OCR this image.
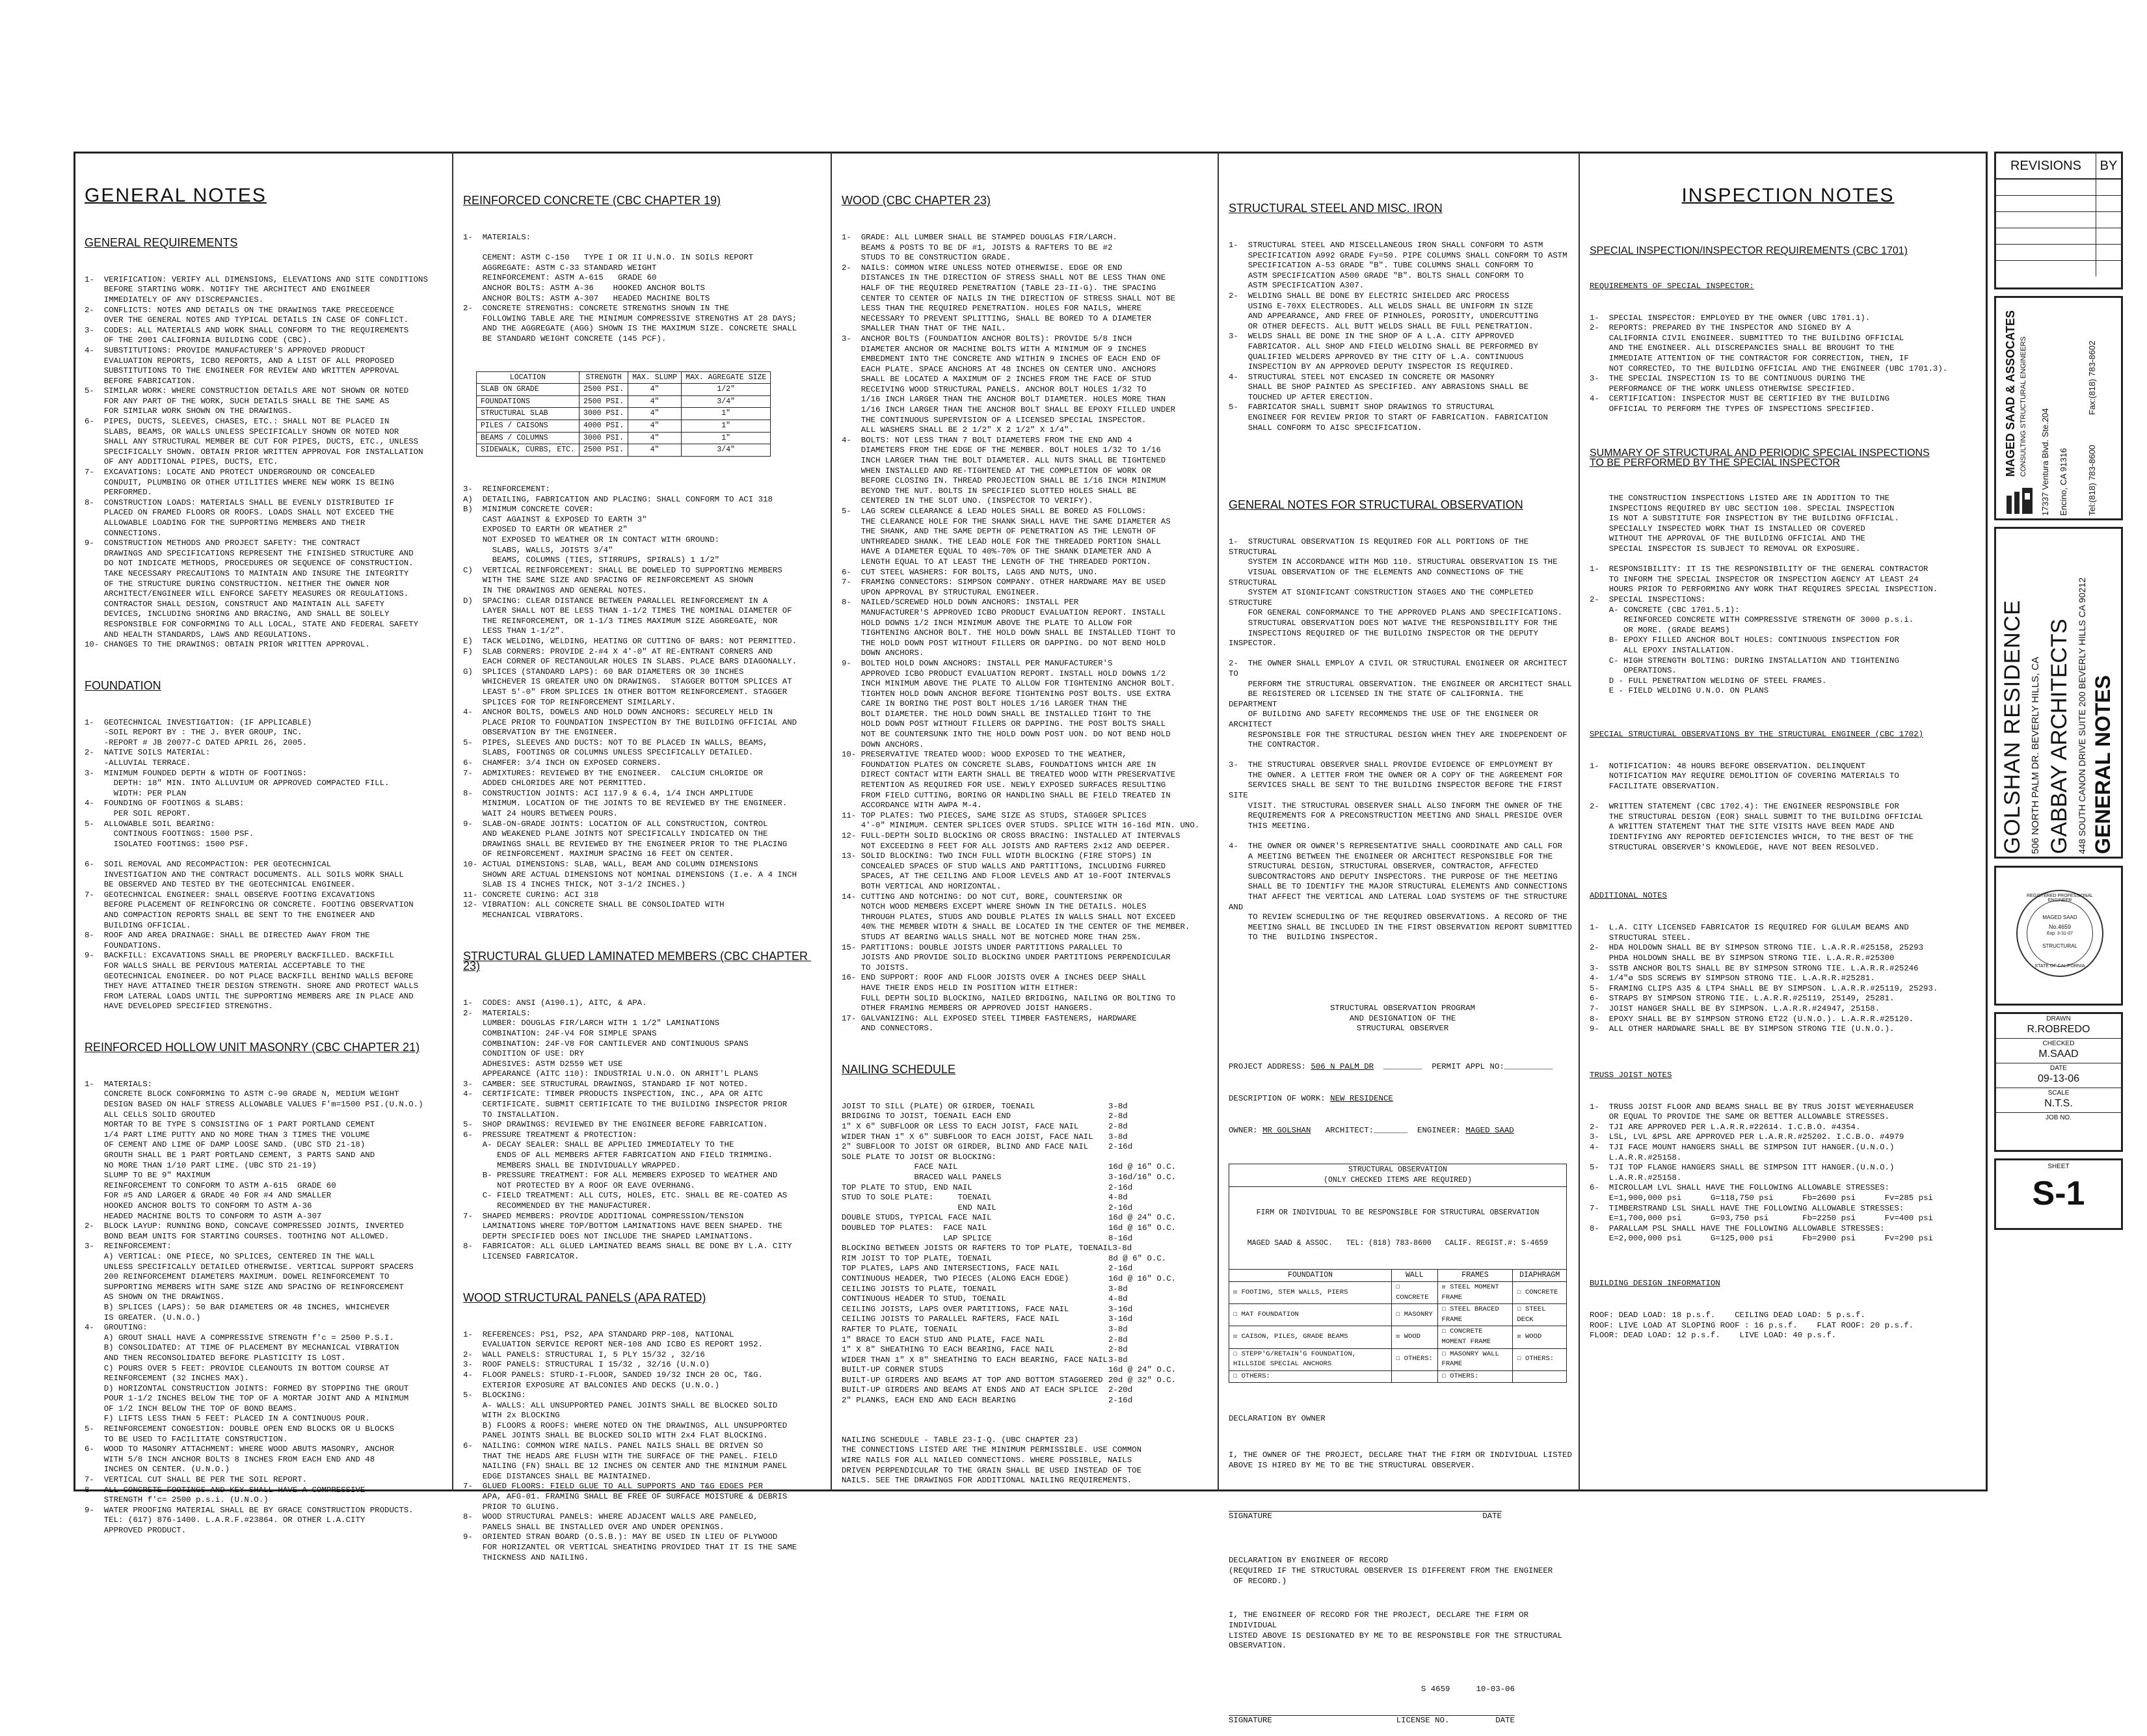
GENERAL NOTES

GENERAL REQUIREMENTS

1-  VERIFICATION: VERIFY ALL DIMENSIONS, ELEVATIONS AND SITE CONDITIONS
BEFORE STARTING WORK. NOTIFY THE ARCHITECT AND ENGINEER
IMMEDIATELY OF ANY DISCREPANCIES.
2-  CONFLICTS: NOTES AND DETAILS ON THE DRAWINGS TAKE PRECEDENCE
OVER THE GENERAL NOTES AND TYPICAL DETAILS IN CASE OF CONFLICT.
3-  CODES: ALL MATERIALS AND WORK SHALL CONFORM TO THE REQUIREMENTS
OF THE 2001 CALIFORNIA BUILDING CODE (CBC).
4-  SUBSTITUTIONS: PROVIDE MANUFACTURER'S APPROVED PRODUCT
EVALUATION REPORTS, ICBO REPORTS, AND A LIST OF ALL PROPOSED
SUBSTITUTIONS TO THE ENGINEER FOR REVIEW AND WRITTEN APPROVAL
BEFORE FABRICATION.
5-  SIMILAR WORK: WHERE CONSTRUCTION DETAILS ARE NOT SHOWN OR NOTED
FOR ANY PART OF THE WORK, SUCH DETAILS SHALL BE THE SAME AS
FOR SIMILAR WORK SHOWN ON THE DRAWINGS.
6-  PIPES, DUCTS, SLEEVES, CHASES, ETC.: SHALL NOT BE PLACED IN
SLABS, BEAMS, OR WALLS UNLESS SPECIFICALLY SHOWN OR NOTED NOR
SHALL ANY STRUCTURAL MEMBER BE CUT FOR PIPES, DUCTS, ETC., UNLESS
SPECIFICALLY SHOWN. OBTAIN PRIOR WRITTEN APPROVAL FOR INSTALLATION
OF ANY ADDITIONAL PIPES, DUCTS, ETC.
7-  EXCAVATIONS: LOCATE AND PROTECT UNDERGROUND OR CONCEALED
CONDUIT, PLUMBING OR OTHER UTILITIES WHERE NEW WORK IS BEING
PERFORMED.
8-  CONSTRUCTION LOADS: MATERIALS SHALL BE EVENLY DISTRIBUTED IF
PLACED ON FRAMED FLOORS OR ROOFS. LOADS SHALL NOT EXCEED THE
ALLOWABLE LOADING FOR THE SUPPORTING MEMBERS AND THEIR
CONNECTIONS.
9-  CONSTRUCTION METHODS AND PROJECT SAFETY: THE CONTRACT
DRAWINGS AND SPECIFICATIONS REPRESENT THE FINISHED STRUCTURE AND
DO NOT INDICATE METHODS, PROCEDURES OR SEQUENCE OF CONSTRUCTION.
TAKE NECESSARY PRECAUTIONS TO MAINTAIN AND INSURE THE INTEGRITY
OF THE STRUCTURE DURING CONSTRUCTION. NEITHER THE OWNER NOR
ARCHITECT/ENGINEER WILL ENFORCE SAFETY MEASURES OR REGULATIONS.
CONTRACTOR SHALL DESIGN, CONSTRUCT AND MAINTAIN ALL SAFETY
DEVICES, INCLUDING SHORING AND BRACING, AND SHALL BE SOLELY
RESPONSIBLE FOR CONFORMING TO ALL LOCAL, STATE AND FEDERAL SAFETY
AND HEALTH STANDARDS, LAWS AND REGULATIONS.
10- CHANGES TO THE DRAWINGS: OBTAIN PRIOR WRITTEN APPROVAL.

FOUNDATION

1-  GEOTECHNICAL INVESTIGATION: (IF APPLICABLE)
-SOIL REPORT BY : THE J. BYER GROUP, INC.
-REPORT # JB 20077-C DATED APRIL 26, 2005.
2-  NATIVE SOILS MATERIAL:
-ALLUVIAL TERRACE.
3-  MINIMUM FOUNDED DEPTH & WIDTH OF FOOTINGS:
DEPTH: 18" MIN. INTO ALLUVIUM OR APPROVED COMPACTED FILL.
WIDTH: PER PLAN
4-  FOUNDING OF FOOTINGS & SLABS:
PER SOIL REPORT.
5-  ALLOWABLE SOIL BEARING:
CONTINOUS FOOTINGS: 1500 PSF.
ISOLATED FOOTINGS: 1500 PSF.

6-  SOIL REMOVAL AND RECOMPACTION: PER GEOTECHNICAL
INVESTIGATION AND THE CONTRACT DOCUMENTS. ALL SOILS WORK SHALL
BE OBSERVED AND TESTED BY THE GEOTECHNICAL ENGINEER.
7-  GEOTECHNICAL ENGINEER: SHALL OBSERVE FOOTING EXCAVATIONS
BEFORE PLACEMENT OF REINFORCING OR CONCRETE. FOOTING OBSERVATION
AND COMPACTION REPORTS SHALL BE SENT TO THE ENGINEER AND
BUILDING OFFICIAL.
8-  ROOF AND AREA DRAINAGE: SHALL BE DIRECTED AWAY FROM THE
FOUNDATIONS.
9-  BACKFILL: EXCAVATIONS SHALL BE PROPERLY BACKFILLED. BACKFILL
FOR WALLS SHALL BE PERVIOUS MATERIAL ACCEPTABLE TO THE
GEOTECHNICAL ENGINEER. DO NOT PLACE BACKFILL BEHIND WALLS BEFORE
THEY HAVE ATTAINED THEIR DESIGN STRENGTH. SHORE AND PROTECT WALLS
FROM LATERAL LOADS UNTIL THE SUPPORTING MEMBERS ARE IN PLACE AND
HAVE DEVELOPED SPECIFIED STRENGTHS.

REINFORCED HOLLOW UNIT MASONRY (CBC CHAPTER 21)

1-  MATERIALS:
CONCRETE BLOCK CONFORMING TO ASTM C-90 GRADE N, MEDIUM WEIGHT
DESIGN BASED ON HALF STRESS ALLOWABLE VALUES F'm=1500 PSI.(U.N.O.)
ALL CELLS SOLID GROUTED
MORTAR TO BE TYPE S CONSISTING OF 1 PART PORTLAND CEMENT
1/4 PART LIME PUTTY AND NO MORE THAN 3 TIMES THE VOLUME
OF CEMENT AND LIME OF DAMP LOOSE SAND. (UBC STD 21-18)
GROUTH SHALL BE 1 PART PORTLAND CEMENT, 3 PARTS SAND AND
NO MORE THAN 1/10 PART LIME. (UBC STD 21-19)
SLUMP TO BE 9" MAXIMUM
REINFORCEMENT TO CONFORM TO ASTM A-615  GRADE 60
FOR #5 AND LARGER & GRADE 40 FOR #4 AND SMALLER
HOOKED ANCHOR BOLTS TO CONFORM TO ASTM A-36
HEADED MACHINE BOLTS TO CONFORM TO ASTM A-307
2-  BLOCK LAYUP: RUNNING BOND, CONCAVE COMPRESSED JOINTS, INVERTED
BOND BEAM UNITS FOR STARTING COURSES. TOOTHING NOT ALLOWED.
3-  REINFORCEMENT:
A) VERTICAL: ONE PIECE, NO SPLICES, CENTERED IN THE WALL
UNLESS SPECIFICALLY DETAILED OTHERWISE. VERTICAL SUPPORT SPACERS
200 REINFORCEMENT DIAMETERS MAXIMUM. DOWEL REINFORCEMENT TO
SUPPORTING MEMBERS WITH SAME SIZE AND SPACING OF REINFORCEMENT
AS SHOWN ON THE DRAWINGS.
B) SPLICES (LAPS): 50 BAR DIAMETERS OR 48 INCHES, WHICHEVER
IS GREATER. (U.N.O.)
4-  GROUTING:
A) GROUT SHALL HAVE A COMPRESSIVE STRENGTH f'c = 2500 P.S.I.
B) CONSOLIDATED: AT TIME OF PLACEMENT BY MECHANICAL VIBRATION
AND THEN RECONSOLIDATED BEFORE PLASTICITY IS LOST.
C) POURS OVER 5 FEET: PROVIDE CLEANOUTS IN BOTTOM COURSE AT
REINFORCEMENT (32 INCHES MAX).
D) HORIZONTAL CONSTRUCTION JOINTS: FORMED BY STOPPING THE GROUT
POUR 1-1/2 INCHES BELOW THE TOP OF A MORTAR JOINT AND A MINIMUM
OF 1/2 INCH BELOW THE TOP OF BOND BEAMS.
F) LIFTS LESS THAN 5 FEET: PLACED IN A CONTINUOUS POUR.
5-  REINFORCEMENT CONGESTION: DOUBLE OPEN END BLOCKS OR U BLOCKS
TO BE USED TO FACILITATE CONSTRUCTION.
6-  WOOD TO MASONRY ATTACHMENT: WHERE WOOD ABUTS MASONRY, ANCHOR
WITH 5/8 INCH ANCHOR BOLTS 8 INCHES FROM EACH END AND 48
INCHES ON CENTER. (U.N.O.)
7-  VERTICAL CUT SHALL BE PER THE SOIL REPORT.
8-  ALL CONCRETE FOOTINGS AND KEY SHALL HAVE A COMPRESSIVE
STRENGTH f'c= 2500 p.s.i. (U.N.O.)
9-  WATER PROOFING MATERIAL SHALL BE BY GRACE CONSTRUCTION PRODUCTS.
TEL: (617) 876-1400. L.A.R.F.#23864. OR OTHER L.A.CITY
APPROVED PRODUCT.

REINFORCED CONCRETE (CBC CHAPTER 19)

1-  MATERIALS:

CEMENT: ASTM C-150   TYPE I OR II U.N.O. IN SOILS REPORT
AGGREGATE: ASTM C-33 STANDARD WEIGHT
REINFORCEMENT: ASTM A-615   GRADE 60
ANCHOR BOLTS: ASTM A-36    HOOKED ANCHOR BOLTS
ANCHOR BOLTS: ASTM A-307   HEADED MACHINE BOLTS
2-  CONCRETE STRENGTHS: CONCRETE STRENGTHS SHOWN IN THE
FOLLOWING TABLE ARE THE MINIMUM COMPRESSIVE STRENGTHS AT 28 DAYS;
AND THE AGGREGATE (AGG) SHOWN IS THE MAXIMUM SIZE. CONCRETE SHALL
BE STANDARD WEIGHT CONCRETE (145 PCF).

LOCATION	STRENGTH	MAX. SLUMP	MAX. AGREGATE SIZE
SLAB ON GRADE	2500 PSI.	4"	1/2"
FOUNDATIONS	2500 PSI.	4"	3/4"
STRUCTURAL SLAB	3000 PSI.	4"	1"
PILES / CAISONS	4000 PSI.	4"	1"
BEAMS / COLUMNS	3000 PSI.	4"	1"
SIDEWALK, CURBS, ETC.	2500 PSI.	4"	3/4"

3-  REINFORCEMENT:
A)  DETAILING, FABRICATION AND PLACING: SHALL CONFORM TO ACI 318
B)  MINIMUM CONCRETE COVER:
CAST AGAINST & EXPOSED TO EARTH 3"
EXPOSED TO EARTH OR WEATHER 2"
NOT EXPOSED TO WEATHER OR IN CONTACT WITH GROUND:
SLABS, WALLS, JOISTS 3/4"
BEAMS, COLUMNS (TIES, STIRRUPS, SPIRALS) 1 1/2"
C)  VERTICAL REINFORCEMENT: SHALL BE DOWELED TO SUPPORTING MEMBERS
WITH THE SAME SIZE AND SPACING OF REINFORCEMENT AS SHOWN
IN THE DRAWINGS AND GENERAL NOTES.
D)  SPACING: CLEAR DISTANCE BETWEEN PARALLEL REINFORCEMENT IN A
LAYER SHALL NOT BE LESS THAN 1-1/2 TIMES THE NOMINAL DIAMETER OF
THE REINFORCEMENT, OR 1-1/3 TIMES MAXIMUM SIZE AGGREGATE, NOR
LESS THAN 1-1/2".
E)  TACK WELDING, WELDING, HEATING OR CUTTING OF BARS: NOT PERMITTED.
F)  SLAB CORNERS: PROVIDE 2-#4 X 4'-0" AT RE-ENTRANT CORNERS AND
EACH CORNER OF RECTANGULAR HOLES IN SLABS. PLACE BARS DIAGONALLY.
G)  SPLICES (STANDARD LAPS): 60 BAR DIAMETERS OR 30 INCHES
WHICHEVER IS GREATER UNO ON DRAWINGS.  STAGGER BOTTOM SPLICES AT
LEAST 5'-0" FROM SPLICES IN OTHER BOTTOM REINFORCEMENT. STAGGER
SPLICES FOR TOP REINFORCEMENT SIMILARLY.
4-  ANCHOR BOLTS, DOWELS AND HOLD DOWN ANCHORS: SECURELY HELD IN
PLACE PRIOR TO FOUNDATION INSPECTION BY THE BUILDING OFFICIAL AND
OBSERVATION BY THE ENGINEER.
5-  PIPES, SLEEVES AND DUCTS: NOT TO BE PLACED IN WALLS, BEAMS,
SLABS, FOOTINGS OR COLUMNS UNLESS SPECIFICALLY DETAILED.
6-  CHAMFER: 3/4 INCH ON EXPOSED CORNERS.
7-  ADMIXTURES: REVIEWED BY THE ENGINEER.  CALCIUM CHLORIDE OR
ADDED CHLORIDES ARE NOT PERMITTED.
8-  CONSTRUCTION JOINTS: ACI 117.9 & 6.4, 1/4 INCH AMPLITUDE
MINIMUM. LOCATION OF THE JOINTS TO BE REVIEWED BY THE ENGINEER.
WAIT 24 HOURS BETWEEN POURS.
9-  SLAB-ON-GRADE JOINTS: LOCATION OF ALL CONSTRUCTION, CONTROL
AND WEAKENED PLANE JOINTS NOT SPECIFICALLY INDICATED ON THE
DRAWINGS SHALL BE REVIEWED BY THE ENGINEER PRIOR TO THE PLACING
OF REINFORCEMENT. MAXIMUM SPACING 16 FEET ON CENTER.
10- ACTUAL DIMENSIONS: SLAB, WALL, BEAM AND COLUMN DIMENSIONS
SHOWN ARE ACTUAL DIMENSIONS NOT NOMINAL DIMENSIONS (I.e. A 4 INCH
SLAB IS 4 INCHES THICK, NOT 3-1/2 INCHES.)
11- CONCRETE CURING: ACI 318
12- VIBRATION: ALL CONCRETE SHALL BE CONSOLIDATED WITH
MECHANICAL VIBRATORS.

STRUCTURAL GLUED LAMINATED MEMBERS (CBC CHAPTER 23)

1-  CODES: ANSI (A190.1), AITC, & APA.
2-  MATERIALS:
LUMBER: DOUGLAS FIR/LARCH WITH 1 1/2" LAMINATIONS
COMBINATION: 24F-V4 FOR SIMPLE SPANS
COMBINATION: 24F-V8 FOR CANTILEVER AND CONTINUOUS SPANS
CONDITION OF USE: DRY
ADHESIVES: ASTM D2559 WET USE
APPEARANCE (AITC 110): INDUSTRIAL U.N.O. ON ARHIT'L PLANS
3-  CAMBER: SEE STRUCTURAL DRAWINGS, STANDARD IF NOT NOTED.
4-  CERTIFICATE: TIMBER PRODUCTS INSPECTION, INC., APA OR AITC
CERTIFICATE. SUBMIT CERTIFICATE TO THE BUILDING INSPECTOR PRIOR
TO INSTALLATION.
5-  SHOP DRAWINGS: REVIEWED BY THE ENGINEER BEFORE FABRICATION.
6-  PRESSURE TREATMENT & PROTECTION:
A- DECAY SEALER: SHALL BE APPLIED IMMEDIATELY TO THE
ENDS OF ALL MEMBERS AFTER FABRICATION AND FIELD TRIMMING.
MEMBERS SHALL BE INDIVIDUALLY WRAPPED.
B- PRESSURE TREATMENT: FOR ALL MEMBERS EXPOSED TO WEATHER AND
NOT PROTECTED BY A ROOF OR EAVE OVERHANG.
C- FIELD TREATMENT: ALL CUTS, HOLES, ETC. SHALL BE RE-COATED AS
RECOMMENDED BY THE MANUFACTURER.
7-  SHAPED MEMBERS: PROVIDE ADDITIONAL COMPRESSION/TENSION
LAMINATIONS WHERE TOP/BOTTOM LAMINATIONS HAVE BEEN SHAPED. THE
DEPTH SPECIFIED DOES NOT INCLUDE THE SHAPED LAMINATIONS.
8-  FABRICATOR: ALL GLUED LAMINATED BEAMS SHALL BE DONE BY L.A. CITY
LICENSED FABRICATOR.

WOOD STRUCTURAL PANELS (APA RATED)

1-  REFERENCES: PS1, PS2, APA STANDARD PRP-108, NATIONAL
EVALUATION SERVICE REPORT NER-108 AND ICBO ES REPORT 1952.
2-  WALL PANELS: STRUCTURAL I, 5 PLY 15/32 , 32/16
3-  ROOF PANELS: STRUCTURAL I 15/32 , 32/16 (U.N.O)
4-  FLOOR PANELS: STURD-I-FLOOR, SANDED 19/32 INCH 20 OC, T&G.
EXTERIOR EXPOSURE AT BALCONIES AND DECKS (U.N.O.)
5-  BLOCKING:
A- WALLS: ALL UNSUPPORTED PANEL JOINTS SHALL BE BLOCKED SOLID
WITH 2x BLOCKING
B) FLOORS & ROOFS: WHERE NOTED ON THE DRAWINGS, ALL UNSUPPORTED
PANEL JOINTS SHALL BE BLOCKED SOLID WITH 2x4 FLAT BLOCKING.
6-  NAILING: COMMON WIRE NAILS. PANEL NAILS SHALL BE DRIVEN SO
THAT THE HEADS ARE FLUSH WITH THE SURFACE OF THE PANEL. FIELD
NAILING (FN) SHALL BE 12 INCHES ON CENTER AND THE MINIMUM PANEL
EDGE DISTANCES SHALL BE MAINTAINED.
7-  GLUED FLOORS: FIELD GLUE TO ALL SUPPORTS AND T&G EDGES PER
APA, AFG-01. FRAMING SHALL BE FREE OF SURFACE MOISTURE & DEBRIS
PRIOR TO GLUING.
8-  WOOD STRUCTURAL PANELS: WHERE ADJACENT WALLS ARE PANELED,
PANELS SHALL BE INSTALLED OVER AND UNDER OPENINGS.
9-  ORIENTED STRAN BOARD (O.S.B.): MAY BE USED IN LIEU OF PLYWOOD
FOR HORIZANTEL OR VERTICAL SHEATHING PROVIDED THAT IT IS THE SAME
THICKNESS AND NAILING.

WOOD (CBC CHAPTER 23)

1-  GRADE: ALL LUMBER SHALL BE STAMPED DOUGLAS FIR/LARCH.
BEAMS & POSTS TO BE DF #1, JOISTS & RAFTERS TO BE #2
STUDS TO BE CONSTRUCTION GRADE.
2-  NAILS: COMMON WIRE UNLESS NOTED OTHERWISE. EDGE OR END
DISTANCES IN THE DIRECTION OF STRESS SHALL NOT BE LESS THAN ONE
HALF OF THE REQUIRED PENETRATION (TABLE 23-II-G). THE SPACING
CENTER TO CENTER OF NAILS IN THE DIRECTION OF STRESS SHALL NOT BE
LESS THAN THE REQUIRED PENETRATION. HOLES FOR NAILS, WHERE
NECESSARY TO PREVENT SPLITTING, SHALL BE BORED TO A DIAMETER
SMALLER THAN THAT OF THE NAIL.
3-  ANCHOR BOLTS (FOUNDATION ANCHOR BOLTS): PROVIDE 5/8 INCH
DIAMETER ANCHOR OR MACHINE BOLTS WITH A MINIMUM OF 9 INCHES
EMBEDMENT INTO THE CONCRETE AND WITHIN 9 INCHES OF EACH END OF
EACH PLATE. SPACE ANCHORS AT 48 INCHES ON CENTER UNO. ANCHORS
SHALL BE LOCATED A MAXIMUM OF 2 INCHES FROM THE FACE OF STUD
RECEIVING WOOD STRUCTURAL PANELS. ANCHOR BOLT HOLES 1/32 TO
1/16 INCH LARGER THAN THE ANCHOR BOLT DIAMETER. HOLES MORE THAN
1/16 INCH LARGER THAN THE ANCHOR BOLT SHALL BE EPOXY FILLED UNDER
THE CONTINUOUS SUPERVISION OF A LICENSED SPECIAL INSPECTOR.
ALL WASHERS SHALL BE 2 1/2" X 2 1/2" X 1/4".
4-  BOLTS: NOT LESS THAN 7 BOLT DIAMETERS FROM THE END AND 4
DIAMETERS FROM THE EDGE OF THE MEMBER. BOLT HOLES 1/32 TO 1/16
INCH LARGER THAN THE BOLT DIAMETER. ALL NUTS SHALL BE TIGHTENED
WHEN INSTALLED AND RE-TIGHTENED AT THE COMPLETION OF WORK OR
BEFORE CLOSING IN. THREAD PROJECTION SHALL BE 1/16 INCH MINIMUM
BEYOND THE NUT. BOLTS IN SPECIFIED SLOTTED HOLES SHALL BE
CENTERED IN THE SLOT UNO. (INSPECTOR TO VERIFY).
5-  LAG SCREW CLEARANCE & LEAD HOLES SHALL BE BORED AS FOLLOWS:
THE CLEARANCE HOLE FOR THE SHANK SHALL HAVE THE SAME DIAMETER AS
THE SHANK, AND THE SAME DEPTH OF PENETRATION AS THE LENGTH OF
UNTHREADED SHANK. THE LEAD HOLE FOR THE THREADED PORTION SHALL
HAVE A DIAMETER EQUAL TO 40%-70% OF THE SHANK DIAMETER AND A
LENGTH EQUAL TO AT LEAST THE LENGTH OF THE THREADED PORTION.
6-  CUT STEEL WASHERS: FOR BOLTS, LAGS AND NUTS, UNO.
7-  FRAMING CONNECTORS: SIMPSON COMPANY. OTHER HARDWARE MAY BE USED
UPON APPROVAL BY STRUCTURAL ENGINEER.
8-  NAILED/SCREWED HOLD DOWN ANCHORS: INSTALL PER
MANUFACTURER'S APPROVED ICBO PRODUCT EVALUATION REPORT. INSTALL
HOLD DOWNS 1/2 INCH MINIMUM ABOVE THE PLATE TO ALLOW FOR
TIGHTENING ANCHOR BOLT. THE HOLD DOWN SHALL BE INSTALLED TIGHT TO
THE HOLD DOWN POST WITHOUT FILLERS OR DAPPING. DO NOT BEND HOLD
DOWN ANCHORS.
9-  BOLTED HOLD DOWN ANCHORS: INSTALL PER MANUFACTURER'S
APPROVED ICBO PRODUCT EVALUATION REPORT. INSTALL HOLD DOWNS 1/2
INCH MINIMUM ABOVE THE PLATE TO ALLOW FOR TIGHTENING ANCHOR BOLT.
TIGHTEN HOLD DOWN ANCHOR BEFORE TIGHTENING POST BOLTS. USE EXTRA
CARE IN BORING THE POST BOLT HOLES 1/16 LARGER THAN THE
BOLT DIAMETER. THE HOLD DOWN SHALL BE INSTALLED TIGHT TO THE
HOLD DOWN POST WITHOUT FILLERS OR DAPPING. THE POST BOLTS SHALL
NOT BE COUNTERSUNK INTO THE HOLD DOWN POST UON. DO NOT BEND HOLD
DOWN ANCHORS.
10- PRESERVATIVE TREATED WOOD: WOOD EXPOSED TO THE WEATHER,
FOUNDATION PLATES ON CONCRETE SLABS, FOUNDATIONS WHICH ARE IN
DIRECT CONTACT WITH EARTH SHALL BE TREATED WOOD WITH PRESERVATIVE
RETENTION AS REQUIRED FOR USE. NEWLY EXPOSED SURFACES RESULTING
FROM FIELD CUTTING, BORING OR HANDLING SHALL BE FIELD TREATED IN
ACCORDANCE WITH AWPA M-4.
11- TOP PLATES: TWO PIECES, SAME SIZE AS STUDS, STAGGER SPLICES
4'-0" MINIMUM. CENTER SPLICES OVER STUDS. SPLICE WITH 16-16d MIN. UNO.
12- FULL-DEPTH SOLID BLOCKING OR CROSS BRACING: INSTALLED AT INTERVALS
NOT EXCEEDING 8 FEET FOR ALL JOISTS AND RAFTERS 2x12 AND DEEPER.
13- SOLID BLOCKING: TWO INCH FULL WIDTH BLOCKING (FIRE STOPS) IN
CONCEALED SPACES OF STUD WALLS AND PARTITIONS, INCLUDING FURRED
SPACES, AT THE CEILING AND FLOOR LEVELS AND AT 10-FOOT INTERVALS
BOTH VERTICAL AND HORIZONTAL.
14- CUTTING AND NOTCHING: DO NOT CUT, BORE, COUNTERSINK OR
NOTCH WOOD MEMBERS EXCEPT WHERE SHOWN IN THE DETAILS. HOLES
THROUGH PLATES, STUDS AND DOUBLE PLATES IN WALLS SHALL NOT EXCEED
40% THE MEMBER WIDTH & SHALL BE LOCATED IN THE CENTER OF THE MEMBER.
STUDS AT BEARING WALLS SHALL NOT BE NOTCHED MORE THAN 25%.
15- PARTITIONS: DOUBLE JOISTS UNDER PARTITIONS PARALLEL TO
JOISTS AND PROVIDE SOLID BLOCKING UNDER PARTITIONS PERPENDICULAR
TO JOISTS.
16- END SUPPORT: ROOF AND FLOOR JOISTS OVER A INCHES DEEP SHALL
HAVE THEIR ENDS HELD IN POSITION WITH EITHER:
FULL DEPTH SOLID BLOCKING, NAILED BRIDGING, NAILING OR BOLTING TO
OTHER FRAMING MEMBERS OR APPROVED JOIST HANGERS.
17- GALVANIZING: ALL EXPOSED STEEL TIMBER FASTENERS, HARDWARE
AND CONNECTORS.

NAILING SCHEDULE

JOIST TO SILL (PLATE) OR GIRDER, TOENAIL	3-8d
BRIDGING TO JOIST, TOENAIL EACH END	2-8d
1" X 6" SUBFLOOR OR LESS TO EACH JOIST, FACE NAIL	2-8d
WIDER THAN 1" X 6" SUBFLOOR TO EACH JOIST, FACE NAIL 3-8d
2" SUBFLOOR TO JOIST OR GIRDER, BLIND AND FACE NAIL 2-16d
SOLE PLATE TO JOIST OR BLOCKING:
FACE NAIL	16d @ 16" O.C.
BRACED WALL PANELS	3-16d/16" O.C.
TOP PLATE TO STUD, END NAIL	2-16d
STUD TO SOLE PLATE:     TOENAIL	4-8d
END NAIL	2-16d
DOUBLE STUDS, TYPICAL FACE NAIL	16d @ 24" O.C.
DOUBLED TOP PLATES:  FACE NAIL	16d @ 16" O.C.
LAP SPLICE	8-16d
BLOCKING BETWEEN JOISTS OR RAFTERS TO TOP PLATE, TOENAIL 3-8d
RIM JOIST TO TOP PLATE, TOENAIL	8d @ 6" O.C.
TOP PLATES, LAPS AND INTERSECTIONS, FACE NAIL	2-16d
CONTINUOUS HEADER, TWO PIECES (ALONG EACH EDGE)	16d @ 16" O.C.
CEILING JOISTS TO PLATE, TOENAIL	3-8d
CONTINUOUS HEADER TO STUD, TOENAIL	4-8d
CEILING JOISTS, LAPS OVER PARTITIONS, FACE NAIL	3-16d
CEILING JOISTS TO PARALLEL RAFTERS, FACE NAIL	3-16d
RAFTER TO PLATE, TOENAIL	3-8d
1" BRACE TO EACH STUD AND PLATE, FACE NAIL	2-8d
1" X 8" SHEATHING TO EACH BEARING, FACE NAIL	2-8d
WIDER THAN 1" X 8" SHEATHING TO EACH BEARING, FACE NAIL 3-8d
BUILT-UP CORNER STUDS	16d @ 24" O.C.
BUILT-UP GIRDERS AND BEAMS AT TOP AND BOTTOM STAGGERED 20d @ 32" O.C.
BUILT-UP GIRDERS AND BEAMS AT ENDS AND AT EACH SPLICE 2-20d
2" PLANKS, EACH END AND EACH BEARING	2-16d

NAILING SCHEDULE - TABLE 23-I-Q. (UBC CHAPTER 23)
THE CONNECTIONS LISTED ARE THE MINIMUM PERMISSIBLE. USE COMMON
WIRE NAILS FOR ALL NAILED CONNECTIONS. WHERE POSSIBLE, NAILS
DRIVEN PERPENDICULAR TO THE GRAIN SHALL BE USED INSTEAD OF TOE
NAILS. SEE THE DRAWINGS FOR ADDITIONAL NAILING REQUIREMENTS.

STRUCTURAL STEEL AND MISC. IRON

1-  STRUCTURAL STEEL AND MISCELLANEOUS IRON SHALL CONFORM TO ASTM
SPECIFICATION A992 GRADE Fy=50. PIPE COLUMNS SHALL CONFORM TO ASTM
SPECIFICATION A-53 GRADE "B". TUBE COLUMNS SHALL CONFORM TO
ASTM SPECIFICATION A500 GRADE "B". BOLTS SHALL CONFORM TO
ASTM SPECIFICATION A307.
2-  WELDING SHALL BE DONE BY ELECTRIC SHIELDED ARC PROCESS
USING E-70XX ELECTRODES. ALL WELDS SHALL BE UNIFORM IN SIZE
AND APPEARANCE, AND FREE OF PINHOLES, POROSITY, UNDERCUTTING
OR OTHER DEFECTS. ALL BUTT WELDS SHALL BE FULL PENETRATION.
3-  WELDS SHALL BE DONE IN THE SHOP OF A L.A. CITY APPROVED
FABRICATOR. ALL SHOP AND FIELD WELDING SHALL BE PERFORMED BY
QUALIFIED WELDERS APPROVED BY THE CITY OF L.A. CONTINUOUS
INSPECTION BY AN APPROVED DEPUTY INSPECTOR IS REQUIRED.
4-  STRUCTURAL STEEL NOT ENCASED IN CONCRETE OR MASONRY
SHALL BE SHOP PAINTED AS SPECIFIED. ANY ABRASIONS SHALL BE
TOUCHED UP AFTER ERECTION.
5-  FABRICATOR SHALL SUBMIT SHOP DRAWINGS TO STRUCTURAL
ENGINEER FOR REVIEW PRIOR TO START OF FABRICATION. FABRICATION
SHALL CONFORM TO AISC SPECIFICATION.

GENERAL NOTES FOR STRUCTURAL OBSERVATION

1-  STRUCTURAL OBSERVATION IS REQUIRED FOR ALL PORTIONS OF THE STRUCTURAL
SYSTEM IN ACCORDANCE WITH MGD 110. STRUCTURAL OBSERVATION IS THE
VISUAL OBSERVATION OF THE ELEMENTS AND CONNECTIONS OF THE STRUCTURAL
SYSTEM AT SIGNIFICANT CONSTRUCTION STAGES AND THE COMPLETED STRUCTURE
FOR GENERAL CONFORMANCE TO THE APPROVED PLANS AND SPECIFICATIONS.
STRUCTURAL OBSERVATION DOES NOT WAIVE THE RESPONSIBILITY FOR THE
INSPECTIONS REQUIRED OF THE BUILDING INSPECTOR OR THE DEPUTY INSPECTOR.

2-  THE OWNER SHALL EMPLOY A CIVIL OR STRUCTURAL ENGINEER OR ARCHITECT TO
PERFORM THE STRUCTURAL OBSERVATION. THE ENGINEER OR ARCHITECT SHALL
BE REGISTERED OR LICENSED IN THE STATE OF CALIFORNIA. THE DEPARTMENT
OF BUILDING AND SAFETY RECOMMENDS THE USE OF THE ENGINEER OR ARCHITECT
RESPONSIBLE FOR THE STRUCTURAL DESIGN WHEN THEY ARE INDEPENDENT OF
THE CONTRACTOR.

3-  THE STRUCTURAL OBSERVER SHALL PROVIDE EVIDENCE OF EMPLOYMENT BY
THE OWNER. A LETTER FROM THE OWNER OR A COPY OF THE AGREEMENT FOR
SERVICES SHALL BE SENT TO THE BUILDING INSPECTOR BEFORE THE FIRST SITE
VISIT. THE STRUCTURAL OBSERVER SHALL ALSO INFORM THE OWNER OF THE
REQUIREMENTS FOR A PRECONSTRUCTION MEETING AND SHALL PRESIDE OVER
THIS MEETING.

4-  THE OWNER OR OWNER'S REPRESENTATIVE SHALL COORDINATE AND CALL FOR
A MEETING BETWEEN THE ENGINEER OR ARCHITECT RESPONSIBLE FOR THE
STRUCTURAL DESIGN, STRUCTURAL OBSERVER, CONTRACTOR, AFFECTED
SUBCONTRACTORS AND DEPUTY INSPECTORS. THE PURPOSE OF THE MEETING
SHALL BE TO IDENTIFY THE MAJOR STRUCTURAL ELEMENTS AND CONNECTIONS
THAT AFFECT THE VERTICAL AND LATERAL LOAD SYSTEMS OF THE STRUCTURE AND
TO REVIEW SCHEDULING OF THE REQUIRED OBSERVATIONS. A RECORD OF THE
MEETING SHALL BE INCLUDED IN THE FIRST OBSERVATION REPORT SUBMITTED
TO THE  BUILDING INSPECTOR.

STRUCTURAL OBSERVATION PROGRAM
AND DESIGNATION OF THE
STRUCTURAL OBSERVER

PROJECT ADDRESS: 506 N PALM DR  ________  PERMIT APPL NO:__________

DESCRIPTION OF WORK: NEW RESIDENCE

OWNER: MR GOLSHAN ARCHITECT:_______  ENGINEER: MAGED SAAD

STRUCTURAL OBSERVATION
(ONLY CHECKED ITEMS ARE REQUIRED)			

FIRM OR INDIVIDUAL TO BE RESPONSIBLE FOR STRUCTURAL OBSERVATION

MAGED SAAD & ASSOC. TEL: (818) 783-8600 CALIF. REGIST.#: S-4659			

FOUNDATION	WALL	FRAMES	DIAPHRAGM
☒ FOOTING, STEM WALLS, PIERS	☐ CONCRETE	☒ STEEL MOMENT FRAME	☐ CONCRETE
☐ MAT FOUNDATION	☐ MASONRY	☐ STEEL BRACED FRAME	☐ STEEL DECK
☒ CAISON, PILES, GRADE BEAMS	☒ WOOD	☐ CONCRETE MOMENT FRAME	☒ WOOD
☐ STEPP'G/RETAIN'G FOUNDATION, HILLSIDE SPECIAL ANCHORS	☐ OTHERS:	☐ MASONRY WALL FRAME	☐ OTHERS:
☐ OTHERS:		☐ OTHERS:	

DECLARATION BY OWNER

I, THE OWNER OF THE PROJECT, DECLARE THAT THE FIRM OR INDIVIDUAL LISTED
ABOVE IS HIRED BY ME TO BE THE STRUCTURAL OBSERVER.

SIGNATURE	DATE

DECLARATION BY ENGINEER OF RECORD
(REQUIRED IF THE STRUCTURAL OBSERVER IS DIFFERENT FROM THE ENGINEER
OF RECORD.)

I, THE ENGINEER OF RECORD FOR THE PROJECT, DECLARE THE FIRM OR INDIVIDUAL
LISTED ABOVE IS DESIGNATED BY ME TO BE RESPONSIBLE FOR THE STRUCTURAL
OBSERVATION.

S 4659	10-03-06

SIGNATURE	LICENSE NO.	DATE

INSPECTION NOTES

SPECIAL INSPECTION/INSPECTOR REQUIREMENTS (CBC 1701)

REQUIREMENTS OF SPECIAL INSPECTOR:

1-  SPECIAL INSPECTOR: EMPLOYED BY THE OWNER (UBC 1701.1).
2-  REPORTS: PREPARED BY THE INSPECTOR AND SIGNED BY A
CALIFORNIA CIVIL ENGINEER. SUBMITTED TO THE BUILDING OFFICIAL
AND THE ENGINEER. ALL DISCREPANCIES SHALL BE BROUGHT TO THE
IMMEDIATE ATTENTION OF THE CONTRACTOR FOR CORRECTION, THEN, IF
NOT CORRECTED, TO THE BUILDING OFFICIAL AND THE ENGINEER (UBC 1701.3).
3-  THE SPECIAL INSPECTION IS TO BE CONTINUOUS DURING THE
PERFORMANCE OF THE WORK UNLESS OTHERWISE SPECIFIED.
4-  CERTIFICATION: INSPECTOR MUST BE CERTIFIED BY THE BUILDING
OFFICIAL TO PERFORM THE TYPES OF INSPECTIONS SPECIFIED.

SUMMARY OF STRUCTURAL AND PERIODIC SPECIAL INSPECTIONS
TO BE PERFORMED BY THE SPECIAL INSPECTOR

THE CONSTRUCTION INSPECTIONS LISTED ARE IN ADDITION TO THE
INSPECTIONS REQUIRED BY UBC SECTION 108. SPECIAL INSPECTION
IS NOT A SUBSTITUTE FOR INSPECTION BY THE BUILDING OFFICIAL.
SPECIALLY INSPECTED WORK THAT IS INSTALLED OR COVERED
WITHOUT THE APPROVAL OF THE BUILDING OFFICIAL AND THE
SPECIAL INSPECTOR IS SUBJECT TO REMOVAL OR EXPOSURE.

1-  RESPONSIBILITY: IT IS THE RESPONSIBILITY OF THE GENERAL CONTRACTOR
TO INFORM THE SPECIAL INSPECTOR OR INSPECTION AGENCY AT LEAST 24
HOURS PRIOR TO PERFORMING ANY WORK THAT REQUIRES SPECIAL INSPECTION.
2-  SPECIAL INSPECTIONS:
A- CONCRETE (CBC 1701.5.1):
REINFORCED CONCRETE WITH COMPRESSIVE STRENGTH OF 3000 p.s.i.
OR MORE. (GRADE BEAMS)
B- EPOXY FILLED ANCHOR BOLT HOLES: CONTINUOUS INSPECTION FOR
ALL EPOXY INSTALLATION.
C- HIGH STRENGTH BOLTING: DURING INSTALLATION AND TIGHTENING
OPERATIONS.
D - FULL PENETRATION WELDING OF STEEL FRAMES.
E - FIELD WELDING U.N.O. ON PLANS

SPECIAL STRUCTURAL OBSERVATIONS BY THE STRUCTURAL ENGINEER (CBC 1702)

1-  NOTIFICATION: 48 HOURS BEFORE OBSERVATION. DELINQUENT
NOTIFICATION MAY REQUIRE DEMOLITION OF COVERING MATERIALS TO
FACILITATE OBSERVATION.

2-  WRITTEN STATEMENT (CBC 1702.4): THE ENGINEER RESPONSIBLE FOR
THE STRUCTURAL DESIGN (EOR) SHALL SUBMIT TO THE BUILDING OFFICIAL
A WRITTEN STATEMENT THAT THE SITE VISITS HAVE BEEN MADE AND
IDENTIFYING ANY REPORTED DEFICIENCIES WHICH, TO THE BEST OF THE
STRUCTURAL OBSERVER'S KNOWLEDGE, HAVE NOT BEEN RESOLVED.

ADDITIONAL NOTES

1-  L.A. CITY LICENSED FABRICATOR IS REQUIRED FOR GLULAM BEAMS AND
STRUCTURAL STEEL.
2-  HDA HOLDOWN SHALL BE BY SIMPSON STRONG TIE. L.A.R.R.#25158, 25293
PHDA HOLDOWN SHALL BE BY SIMPSON STRONG TIE. L.A.R.R.#25300
3-  SSTB ANCHOR BOLTS SHALL BE BY SIMPSON STRONG TIE. L.A.R.R.#25246
4-  1/4"ø SDS SCREWS BY SIMPSON STRONG TIE. L.A.R.R.#25281.
5-  FRAMING CLIPS A35 & LTP4 SHALL BE BY SIMPSON. L.A.R.R.#25119, 25293.
6-  STRAPS BY SIMPSON STRONG TIE. L.A.R.R.#25119, 25149, 25281.
7-  JOIST HANGER SHALL BE BY SIMPSON. L.A.R.R.#24947, 25158.
8-  EPOXY SHALL BE BY SIMPSON STRONG ET22 (U.N.O.). L.A.R.R.#25120.
9-  ALL OTHER HARDWARE SHALL BE BY SIMPSON STRONG TIE (U.N.O.).

TRUSS JOIST NOTES

1-  TRUSS JOIST FLOOR AND BEAMS SHALL BE BY TRUS JOIST WEYERHAEUSER
OR EQUAL TO PROVIDE THE SAME OR BETTER ALLOWABLE STRESSES.
2-  TJI ARE APPROVED PER L.A.R.R.#22614. I.C.B.O. #4354.
3-  LSL, LVL &PSL ARE APPROVED PER L.A.R.R.#25202. I.C.B.O. #4979
4-  TJI FACE MOUNT HANGERS SHALL BE SIMPSON IUT HANGER.(U.N.O.)
L.A.R.R.#25158.
5-  TJI TOP FLANGE HANGERS SHALL BE SIMPSON ITT HANGER.(U.N.O.)
L.A.R.R.#25158.
6-  MICROLLAM LVL SHALL HAVE THE FOLLOWING ALLOWABLE STRESSES:
E=1,900,000 psi      G=118,750 psi      Fb=2600 psi      Fv=285 psi
7-  TIMBERSTRAND LSL SHALL HAVE THE FOLLOWING ALLOWABLE STRESSES:
E=1,700,000 psi      G=93,750 psi       Fb=2250 psi      Fv=400 psi
8-  PARALLAM PSL SHALL HAVE THE FOLLOWING ALLOWABLE STRESSES:
E=2,000,000 psi      G=125,000 psi      Fb=2900 psi      Fv=290 psi

BUILDING DESIGN INFORMATION

ROOF: DEAD LOAD: 18 p.s.f.    CEILING DEAD LOAD: 5 p.s.f.
ROOF: LIVE LOAD AT SLOPING ROOF : 16 p.s.f.    FLAT ROOF: 20 p.s.f.
FLOOR: DEAD LOAD: 12 p.s.f.    LIVE LOAD: 40 p.s.f.

REVISIONS	BY
MAGED SAAD & ASSOCATES CONSULTING STRUCTURAL ENGINEERS 17337 Ventura Blvd. Ste.204 Encino, CA 91316 Tel:(818) 783-8600
Fax:(818) 783-8602
GOLSHAN RESIDENCE 506 NORTH PALM DR. BEVERLY HILLS, CA GABBAY ARCHITECTS 448 SOUTH CANON DRIVE SUITE 200 BEVERLY HILLS CA 90212 GENERAL NOTES
REGISTERED PROFESSIONAL ENGINEER
MAGED SAAD
No.4659
Exp. 3-31-07
STRUCTURAL
STATE OF CALIFORNIA
DRAWN
R.ROBREDO
CHECKED
M.SAAD
DATE
09-13-06
SCALE
N.T.S.
JOB NO.
SHEET
S-1
